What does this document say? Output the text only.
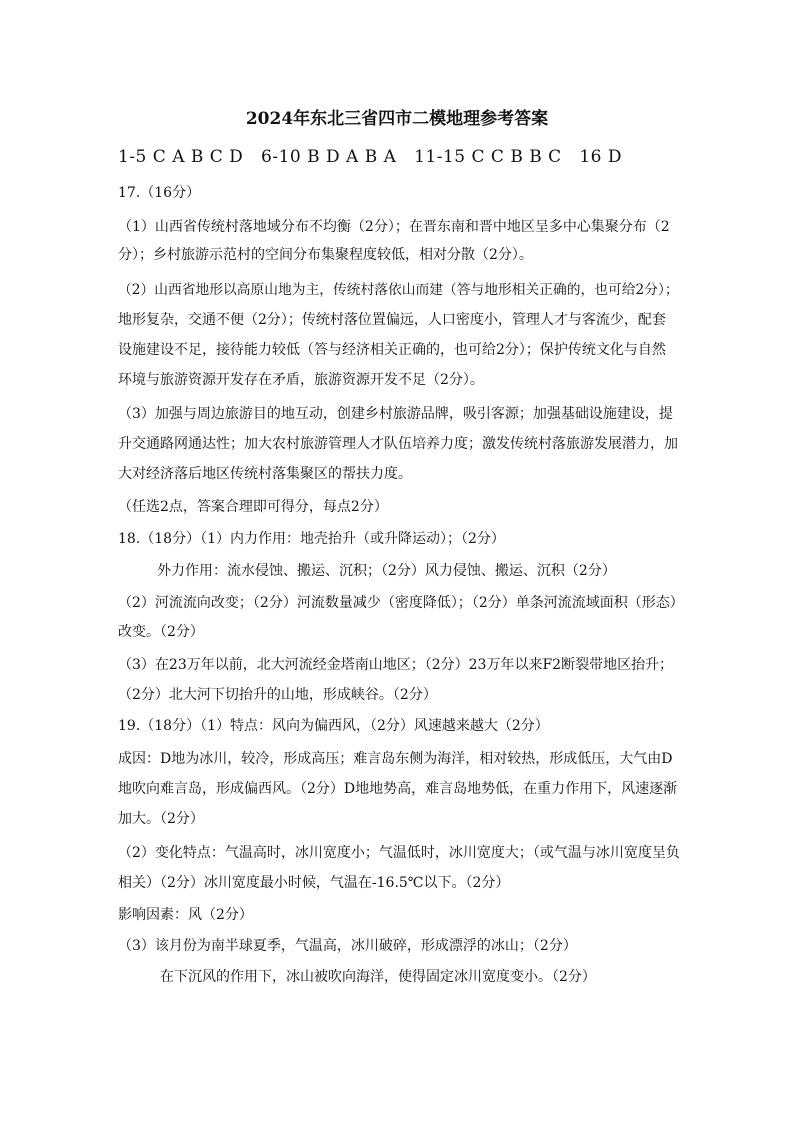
2024年东北三省四市二模地理参考答案
1-5 C A B C D   6-10 B D A B A   11-15 C C B B C   16 D
17.（16分）
（1）山西省传统村落地域分布不均衡（2分）；在晋东南和晋中地区呈多中心集聚分布（2
分）；乡村旅游示范村的空间分布集聚程度较低，相对分散（2分）。
（2）山西省地形以高原山地为主，传统村落依山而建（答与地形相关正确的，也可给2分）；
地形复杂，交通不便（2分）；传统村落位置偏远，人口密度小，管理人才与客流少，配套
设施建设不足，接待能力较低（答与经济相关正确的，也可给2分）；保护传统文化与自然
环境与旅游资源开发存在矛盾，旅游资源开发不足（2分）。
（3）加强与周边旅游目的地互动，创建乡村旅游品牌，吸引客源；加强基础设施建设，提
升交通路网通达性；加大农村旅游管理人才队伍培养力度；激发传统村落旅游发展潜力，加
大对经济落后地区传统村落集聚区的帮扶力度。
（任选2点，答案合理即可得分，每点2分）
18.（18分）（1）内力作用：地壳抬升（或升降运动）；（2分）
外力作用：流水侵蚀、搬运、沉积；（2分）风力侵蚀、搬运、沉积（2分）
（2）河流流向改变；（2分）河流数量减少（密度降低）；（2分）单条河流流域面积（形态）
改变。（2分）
（3）在23万年以前，北大河流经金塔南山地区；（2分）23万年以来F2断裂带地区抬升；
（2分）北大河下切抬升的山地，形成峡谷。（2分）
19.（18分）（1）特点：风向为偏西风，（2分）风速越来越大（2分）
成因：D地为冰川，较冷，形成高压；难言岛东侧为海洋，相对较热，形成低压，大气由D
地吹向难言岛，形成偏西风。（2分）D地地势高，难言岛地势低，在重力作用下，风速逐渐
加大。（2分）
（2）变化特点：气温高时，冰川宽度小；气温低时，冰川宽度大；（或气温与冰川宽度呈负
相关）（2分）冰川宽度最小时候，气温在-16.5℃以下。（2分）
影响因素：风（2分）
（3）该月份为南半球夏季，气温高，冰川破碎，形成漂浮的冰山；（2分）
在下沉风的作用下，冰山被吹向海洋，使得固定冰川宽度变小。（2分）
